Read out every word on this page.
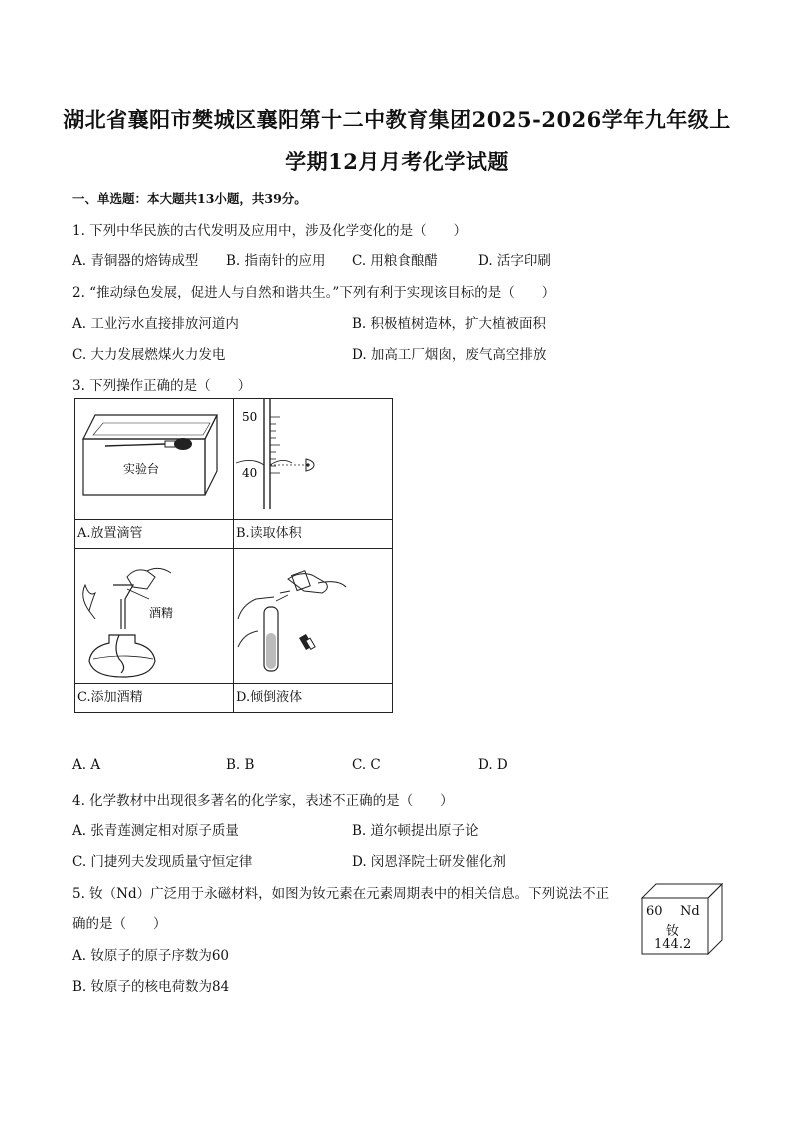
湖北省襄阳市樊城区襄阳第十二中教育集团2025-2026学年九年级上
学期12月月考化学试题
一、单选题：本大题共13小题，共39分。
1. 下列中华民族的古代发明及应用中，涉及化学变化的是（　　）
A. 青铜器的熔铸成型 B. 指南针的应用 C. 用粮食酿醋	D. 活字印刷
2. “推动绿色发展，促进人与自然和谐共生。”下列有利于实现该目标的是（　　）
A. 工业污水直接排放河道内	B. 积极植树造林，扩大植被面积
C. 大力发展燃煤火力发电	D. 加高工厂烟囱，废气高空排放
3. 下列操作正确的是（　　）
实验台	50
40

A.放置滴管	B.读取体积

酒精

C.添加酒精	D.倾倒液体
A. A	B. B	C. C	D. D
4. 化学教材中出现很多著名的化学家，表述不正确的是（　　）
A. 张青莲测定相对原子质量	B. 道尔顿提出原子论
C. 门捷列夫发现质量守恒定律	D. 闵恩泽院士研发催化剂
5. 钕（Nd）广泛用于永磁材料，如图为钕元素在元素周期表中的相关信息。下列说法不正
确的是（　　）
A. 钕原子的原子序数为60
B. 钕原子的核电荷数为84
60 Nd
钕
144.2
